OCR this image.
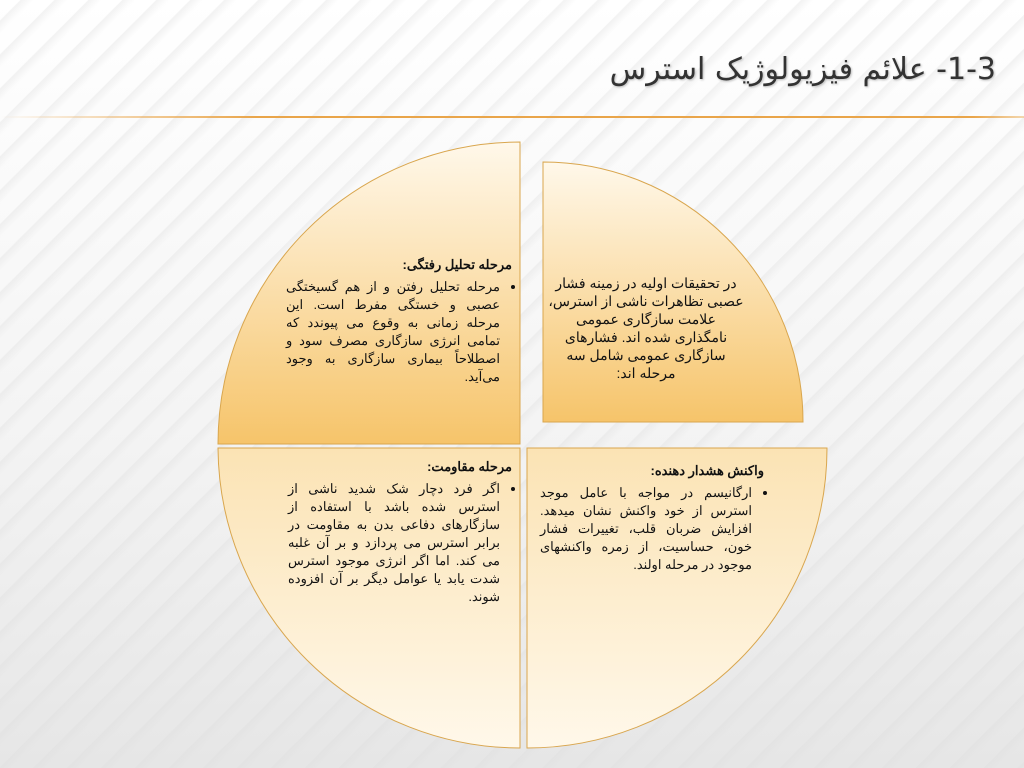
1-3- علائم فیزیولوژیک استرس
مرحله تحلیل رفتگی:
• مرحله تحلیل رفتن و از هم گسیختگی عصبی و خستگی مفرط است. این مرحله زمانی به وقوع می پیوندد که تمامی انرژی سازگاری مصرف سود و اصطلاحاً بیماری سازگاری به وجود می‌آید.
در تحقیقات اولیه در زمینه فشار عصبی تظاهرات ناشی از استرس، علامت سازگاری عمومی نامگذاری شده اند. فشارهای سازگاری عمومی شامل سه مرحله اند:
مرحله مقاومت:
• اگر فرد دچار شک شدید ناشی از استرس شده باشد با استفاده از سازگارهای دفاعی بدن به مقاومت در برابر استرس می پردازد و بر آن غلبه می کند. اما اگر انرژی موجود استرس شدت یابد یا عوامل دیگر بر آن افزوده شوند.
واکنش هشدار دهنده:
• ارگانیسم در مواجه با عامل موجد استرس از خود واکنش نشان میدهد. افزایش ضربان قلب، تغییرات فشار خون، حساسیت، از زمره واکنشهای موجود در مرحله اولند.
